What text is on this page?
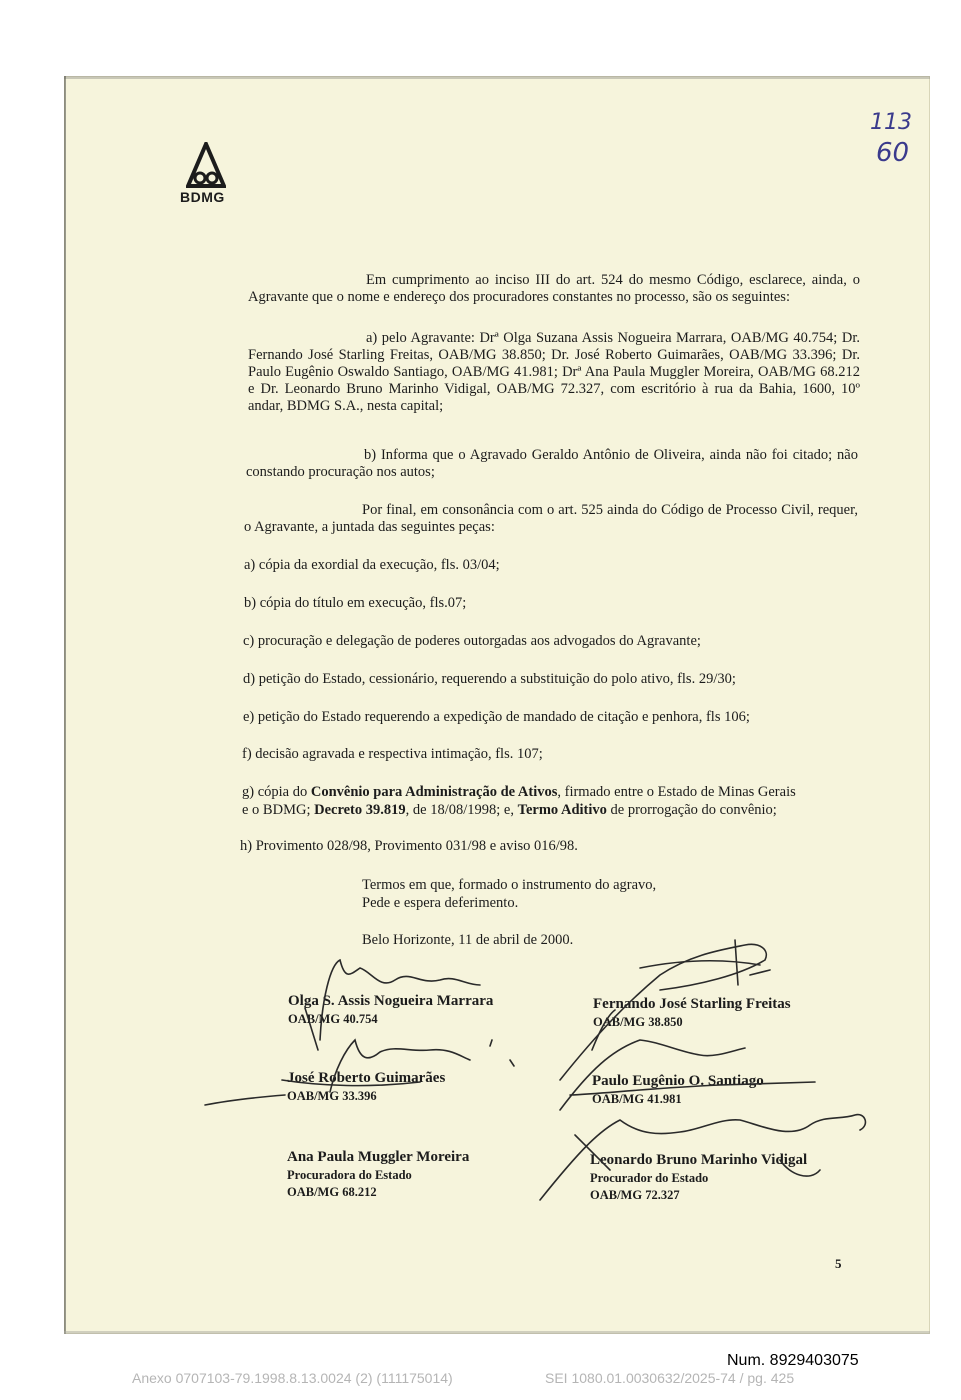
BDMG
113
60
Em cumprimento ao inciso III do art. 524 do mesmo Código, esclarece, ainda, o Agravante que o nome e endereço dos procuradores constantes no processo, são os seguintes:
a) pelo Agravante: Drª Olga Suzana Assis Nogueira Marrara, OAB/MG 40.754; Dr. Fernando José Starling Freitas, OAB/MG 38.850; Dr. José Roberto Guimarães, OAB/MG 33.396; Dr. Paulo Eugênio Oswaldo Santiago, OAB/MG 41.981; Drª Ana Paula Muggler Moreira, OAB/MG 68.212 e Dr. Leonardo Bruno Marinho Vidigal, OAB/MG 72.327, com escritório à rua da Bahia, 1600, 10º andar, BDMG S.A., nesta capital;
b) Informa que o Agravado Geraldo Antônio de Oliveira, ainda não foi citado; não constando procuração nos autos;
Por final, em consonância com o art. 525 ainda do Código de Processo Civil, requer, o Agravante, a juntada das seguintes peças:
a) cópia da exordial da execução, fls. 03/04;
b) cópia do título em execução, fls.07;
c) procuração e delegação de poderes outorgadas aos advogados do Agravante;
d) petição do Estado, cessionário, requerendo a substituição do polo ativo, fls. 29/30;
e) petição do Estado requerendo a expedição de mandado de citação e penhora, fls 106;
f) decisão agravada e respectiva intimação, fls. 107;
g) cópia do Convênio para Administração de Ativos, firmado entre o Estado de Minas Gerais
e o BDMG; Decreto 39.819, de 18/08/1998; e, Termo Aditivo de prorrogação do convênio;
h) Provimento 028/98, Provimento 031/98 e aviso 016/98.
Termos em que, formado o instrumento do agravo,
Pede e espera deferimento.
Belo Horizonte, 11 de abril de 2000.
Olga S. Assis Nogueira Marrara
OAB/MG 40.754
Fernando José Starling Freitas
OAB/MG 38.850
José Roberto Guimarães
OAB/MG 33.396
Paulo Eugênio O. Santiago
OAB/MG 41.981
Ana Paula Muggler Moreira
Procuradora do Estado
OAB/MG 68.212
Leonardo Bruno Marinho Vidigal
Procurador do Estado
OAB/MG 72.327
5
Num. 8929403075
Anexo 0707103-79.1998.8.13.0024 (2) (111175014)	SEI 1080.01.0030632/2025-74 / pg. 425
